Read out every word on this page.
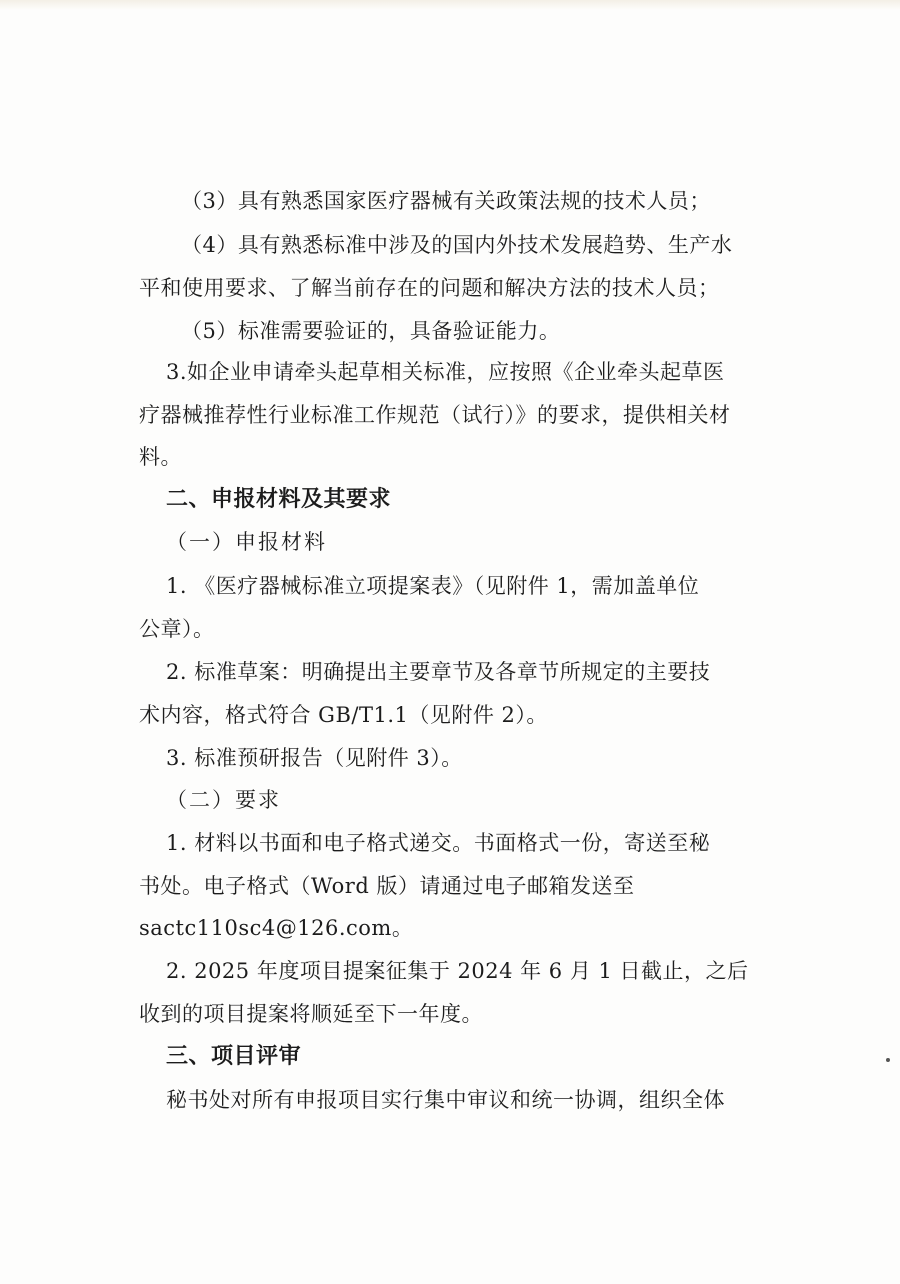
（3）具有熟悉国家医疗器械有关政策法规的技术人员；
（4）具有熟悉标准中涉及的国内外技术发展趋势、生产水
平和使用要求、了解当前存在的问题和解决方法的技术人员；
（5）标准需要验证的，具备验证能力。
3.如企业申请牵头起草相关标准，应按照《企业牵头起草医
疗器械推荐性行业标准工作规范（试行）》的要求，提供相关材
料。
二、申报材料及其要求
（一）申报材料
1. 《医疗器械标准立项提案表》（见附件 1，需加盖单位
公章）。
2. 标准草案：明确提出主要章节及各章节所规定的主要技
术内容，格式符合 GB/T1.1（见附件 2）。
3. 标准预研报告（见附件 3）。
（二）要求
1. 材料以书面和电子格式递交。书面格式一份，寄送至秘
书处。电子格式（Word 版）请通过电子邮箱发送至
sactc110sc4@126.com。
2. 2025 年度项目提案征集于 2024 年 6 月 1 日截止，之后
收到的项目提案将顺延至下一年度。
三、项目评审
秘书处对所有申报项目实行集中审议和统一协调，组织全体
